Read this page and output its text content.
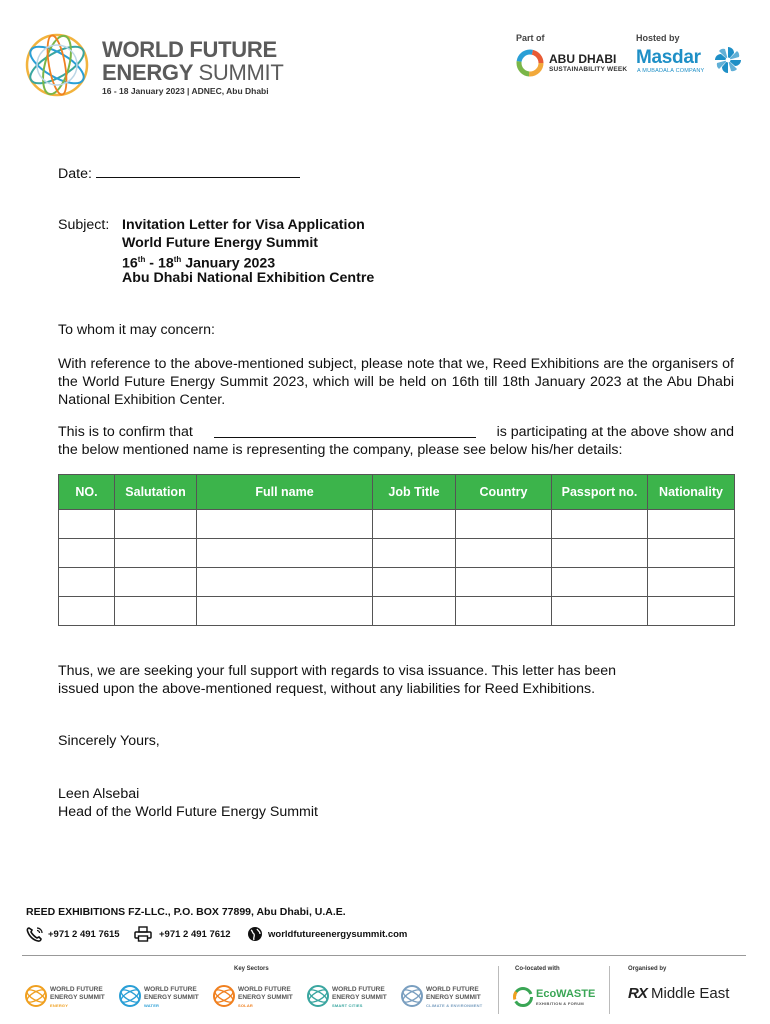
WORLD FUTURE
ENERGY SUMMIT
16 - 18 January 2023 | ADNEC, Abu Dhabi
Part of
ABU DHABI
SUSTAINABILITY WEEK
Hosted by
Masdar
A MUBADALA COMPANY
Date:
Subject: Invitation Letter for Visa Application
World Future Energy Summit
16th - 18th January 2023
Abu Dhabi National Exhibition Centre
To whom it may concern:
With reference to the above-mentioned subject, please note that we, Reed Exhibitions are the organisers of the World Future Energy Summit 2023, which will be held on 16th till 18th January 2023 at the Abu Dhabi National Exhibition Center.
This is to confirm that	is participating at the above show and
the below mentioned name is representing the company, please see below his/her details:
NO.	Salutation	Full name	Job Title	Country	Passport no.	Nationality

Thus, we are seeking your full support with regards to visa issuance. This letter has been
issued upon the above-mentioned request, without any liabilities for Reed Exhibitions.
Sincerely Yours,
Leen Alsebai
Head of the World Future Energy Summit
REED EXHIBITIONS FZ-LLC., P.O. BOX 77899, Abu Dhabi, U.A.E.
+971 2 491 7615	+971 2 491 7612	worldfutureenergysummit.com
Key Sectors	Co-located with	Organised by
WORLD FUTURE
ENERGY SUMMIT
ENERGY
WORLD FUTURE
ENERGY SUMMIT
WATER
WORLD FUTURE
ENERGY SUMMIT
SOLAR
WORLD FUTURE
ENERGY SUMMIT
SMART CITIES
WORLD FUTURE
ENERGY SUMMIT
CLIMATE & ENVIRONMENT
EcoWASTE
EXHIBITION & FORUM
RX Middle East
